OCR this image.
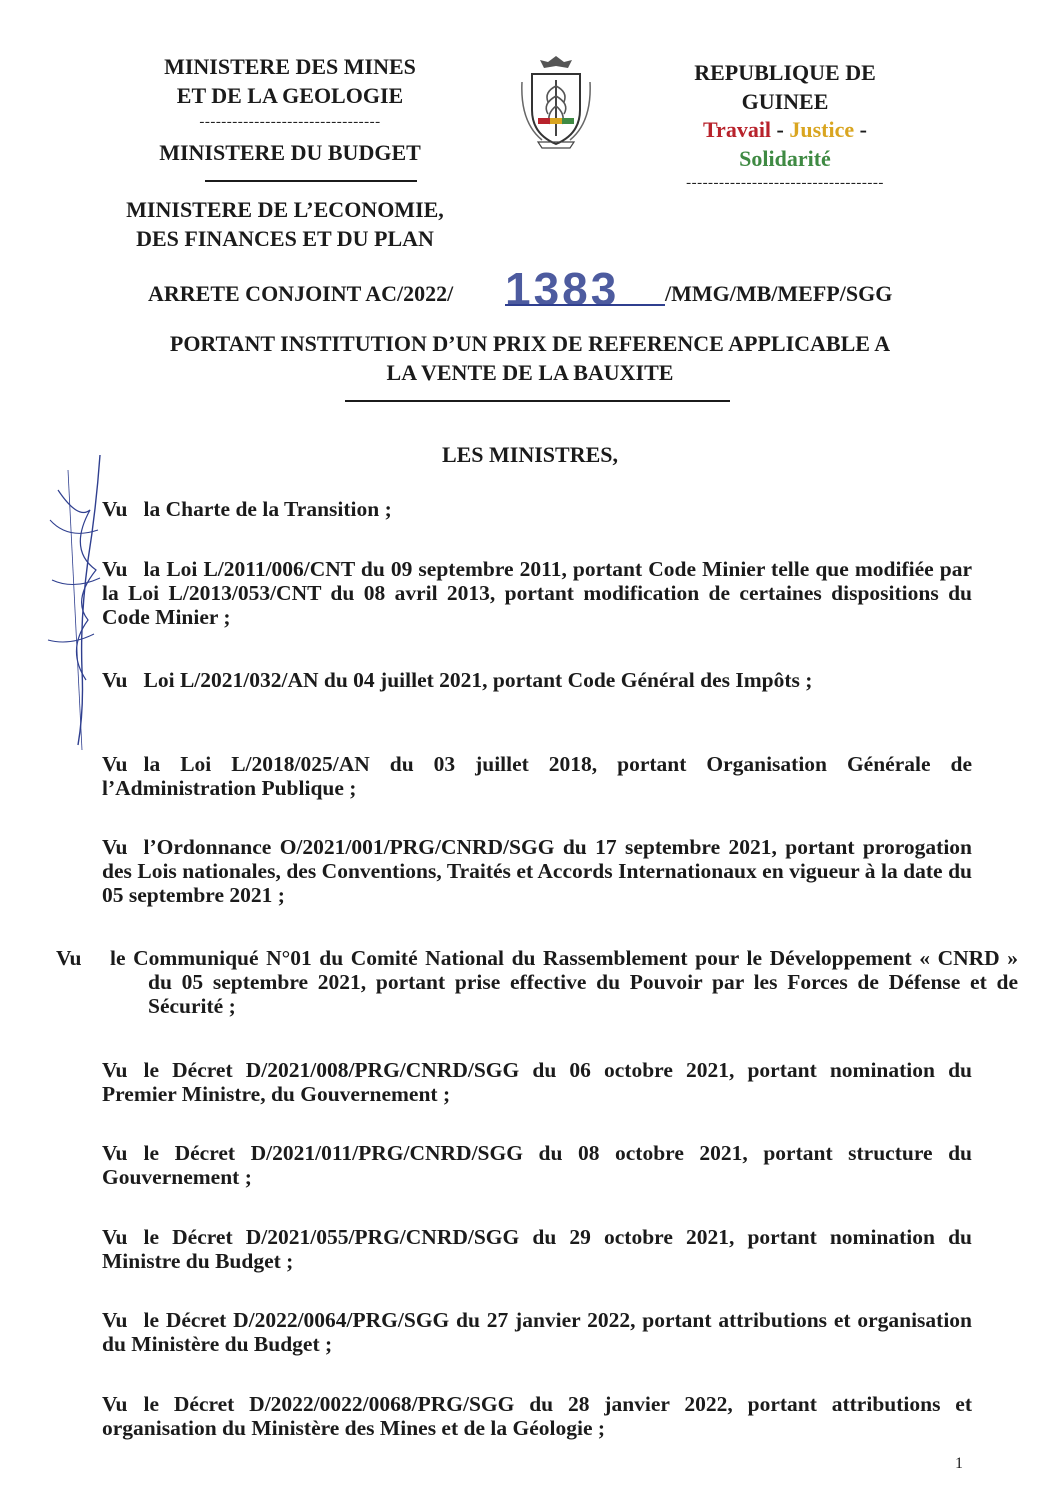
MINISTERE DES MINES
ET DE LA GEOLOGIE
---------------------------------
MINISTERE DU BUDGET
MINISTERE DE L’ECONOMIE,
DES FINANCES ET DU PLAN
REPUBLIQUE DE
GUINEE
Travail - Justice -
Solidarité
------------------------------------
ARRETE CONJOINT AC/2022/ 1383 /MMG/MB/MEFP/SGG
PORTANT INSTITUTION D’UN PRIX DE REFERENCE APPLICABLE A
LA VENTE DE LA BAUXITE
LES MINISTRES,
Vu la Charte de la Transition ;
Vu la Loi L/2011/006/CNT du 09 septembre 2011, portant Code Minier telle que modifiée par la Loi L/2013/053/CNT du 08 avril 2013, portant modification de certaines dispositions du Code Minier ;
Vu Loi L/2021/032/AN du 04 juillet 2021, portant Code Général des Impôts ;
Vu la Loi L/2018/025/AN du 03 juillet 2018, portant Organisation Générale de l’Administration Publique ;
Vu l’Ordonnance O/2021/001/PRG/CNRD/SGG du 17 septembre 2021, portant prorogation des Lois nationales, des Conventions, Traités et Accords Internationaux en vigueur à la date du 05 septembre 2021 ;
Vu le Communiqué N°01 du Comité National du Rassemblement pour le Développement « CNRD » du 05 septembre 2021, portant prise effective du Pouvoir par les Forces de Défense et de Sécurité ;
Vu le Décret D/2021/008/PRG/CNRD/SGG du 06 octobre 2021, portant nomination du Premier Ministre, du Gouvernement ;
Vu le Décret D/2021/011/PRG/CNRD/SGG du 08 octobre 2021, portant structure du Gouvernement ;
Vu le Décret D/2021/055/PRG/CNRD/SGG du 29 octobre 2021, portant nomination du Ministre du Budget ;
Vu le Décret D/2022/0064/PRG/SGG du 27 janvier 2022, portant attributions et organisation du Ministère du Budget ;
Vu le Décret D/2022/0022/0068/PRG/SGG du 28 janvier 2022, portant attributions et organisation du Ministère des Mines et de la Géologie ;
1
